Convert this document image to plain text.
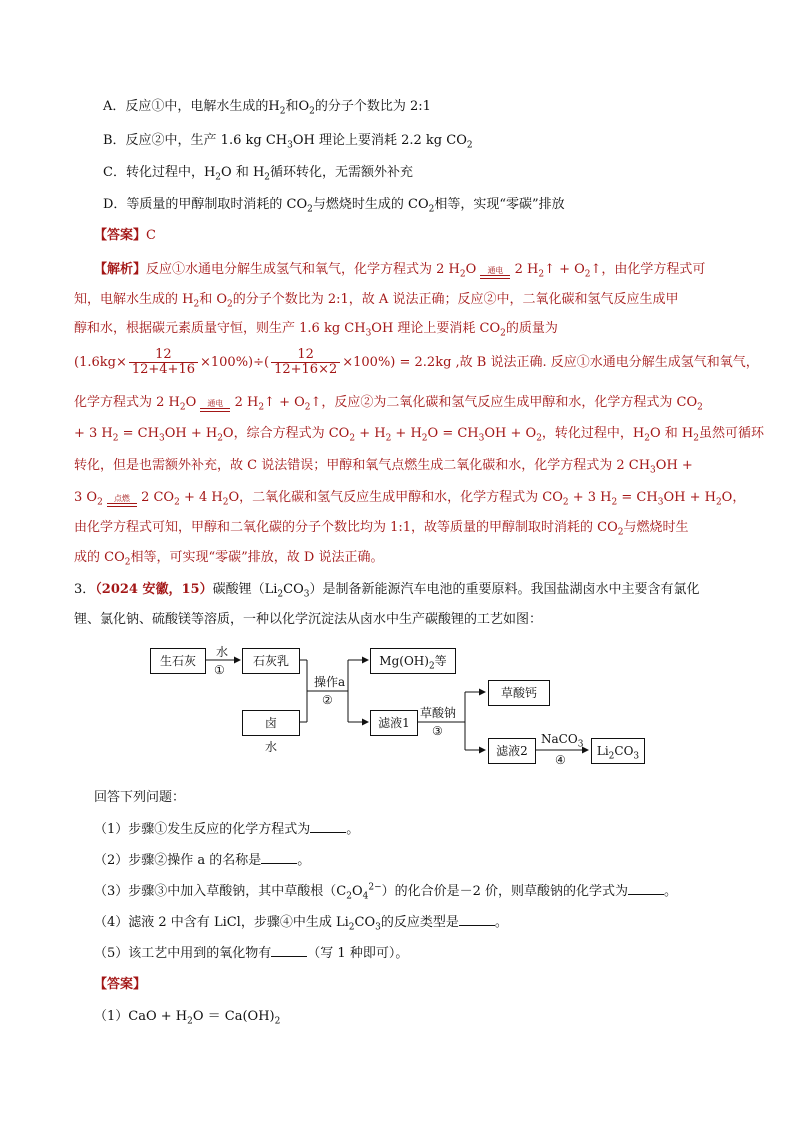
A．反应①中，电解水生成的$H_2$和$O_2$的分子个数比为 2:1
B．反应②中，生产 1.6 kg $CH_3OH$ 理论上要消耗 2.2 kg $CO_2$
C．转化过程中，$H_2O$ 和 $H_2$循环转化，无需额外补充
D．等质量的甲醇制取时消耗的 $CO_2$与燃烧时生成的 $CO_2$相等，实现“零碳”排放
【答案】C
【解析】反应①水通电分解生成氢气和氧气，化学方程式为 2 $H_2O$	通电 2 $H_2↑$ + $O_2↑$，由化学方程式可
知，电解水生成的 $H_2$和 $O_2$的分子个数比为 2:1，故 A 说法正确；反应②中，二氧化碳和氢气反应生成甲
醇和水，根据碳元素质量守恒，则生产 1.6 kg $CH_3OH$ 理论上要消耗 $CO_2$的质量为
$(1.6kg\times \frac{12}{12+4+16} \times 100\%)\div( \frac{12}{12+16\times 2} \times 100\%) = 2.2kg$ ,故 B 说法正确. 反应①水通电分解生成氢气和氧气，
化学方程式为 2 $H_2O$	通电 2 $H_2↑$ + $O_2↑$，反应②为二氧化碳和氢气反应生成甲醇和水，化学方程式为 $CO_2$
+ 3 $H_2 = CH_3OH + H_2O$，综合方程式为 $CO_2 + H_2 + H_2O = CH_3OH + O_2$，转化过程中，$H_2O$ 和 $H_2$虽然可循环
转化，但是也需额外补充，故 C 说法错误；甲醇和氧气点燃生成二氧化碳和水，化学方程式为 2 $CH_3OH$ +
3 $O_2$	点燃 2 $CO_2 + 4$ $H_2O$，二氧化碳和氢气反应生成甲醇和水，化学方程式为 $CO_2 + 3$ $H_2 = CH_3OH + H_2O$，
由化学方程式可知，甲醇和二氧化碳的分子个数比均为 1:1，故等质量的甲醇制取时消耗的 $CO_2$与燃烧时生
成的 $CO_2$相等，可实现“零碳”排放，故 D 说法正确。
3．（2024 安徽，15）碳酸锂$(Li_2CO_3)$是制备新能源汽车电池的重要原料。我国盐湖卤水中主要含有氯化
锂、氯化钠、硫酸镁等溶质，一种以化学沉淀法从卤水中生产碳酸锂的工艺如图：
生石灰
水
①
石灰乳
卤水
操作a
②
$Mg(OH)_2$等
滤液1
草酸钠
③
草酸钙
滤液2
NaCO$_3$
④
$Li_2CO_3$
回答下列问题：
（1）步骤①发生反应的化学方程式为	。
（2）步骤②操作 a 的名称是	。
（3）步骤③中加入草酸钠，其中草酸根$(C_2O_4^{2-})$的化合价是－2 价，则草酸钠的化学式为	。
（4）滤液 2 中含有 LiCl，步骤④中生成 $Li_2CO_3$的反应类型是	。
（5）该工艺中用到的氧化物有	（写 1 种即可）。
【答案】
$(1)CaO + H_2O = Ca(OH)_2$
